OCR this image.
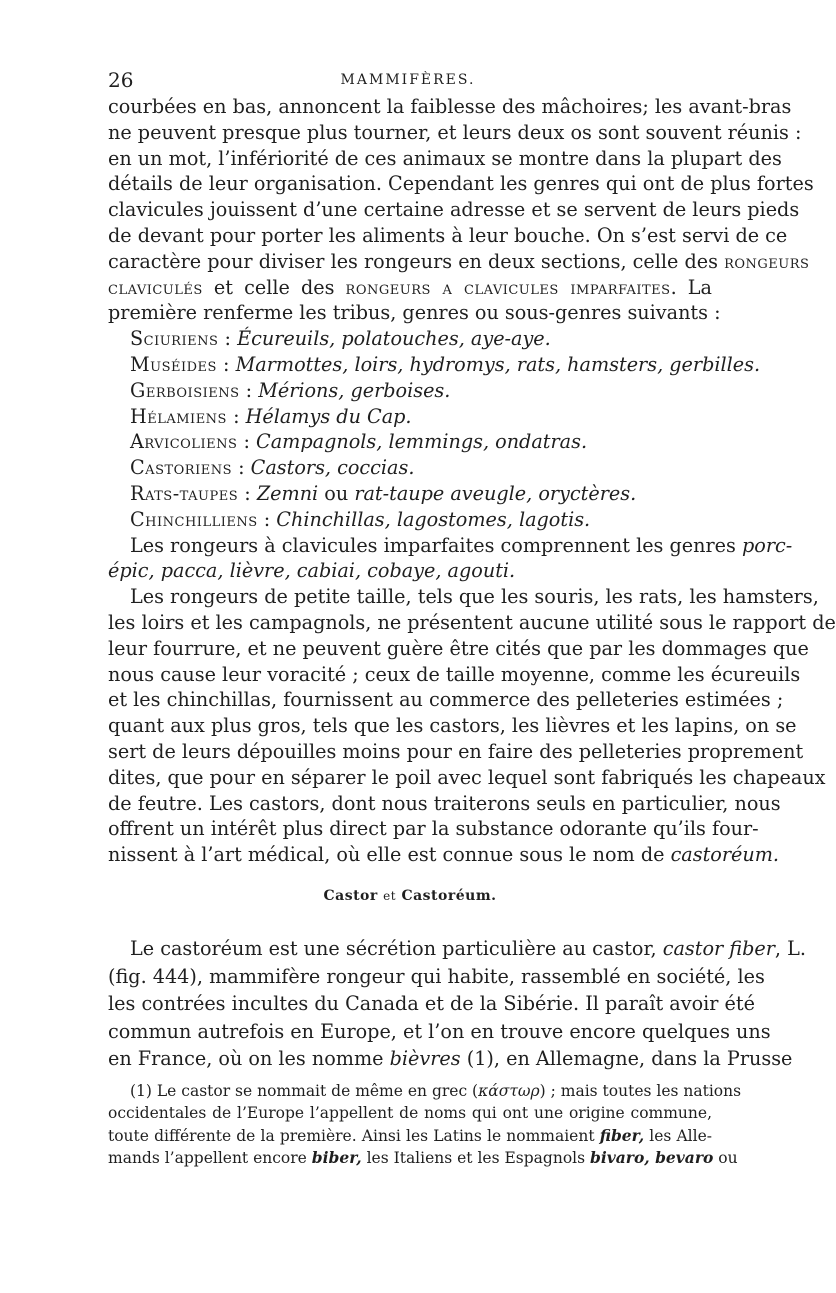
26	MAMMIFÈRES.
courbées en bas, annoncent la faiblesse des mâchoires; les avant-bras
ne peuvent presque plus tourner, et leurs deux os sont souvent réunis :
en un mot, l’infériorité de ces animaux se montre dans la plupart des
détails de leur organisation. Cependant les genres qui ont de plus fortes
clavicules jouissent d’une certaine adresse et se servent de leurs pieds
de devant pour porter les aliments à leur bouche. On s’est servi de ce
caractère pour diviser les rongeurs en deux sections, celle des rongeurs
claviculés et celle des rongeurs a clavicules imparfaites. La
première renferme les tribus, genres ou sous-genres suivants :
Sciuriens : Écureuils, polatouches, aye-aye.
Muséides : Marmottes, loirs, hydromys, rats, hamsters, gerbilles.
Gerboisiens : Mérions, gerboises.
Hélamiens : Hélamys du Cap.
Arvicoliens : Campagnols, lemmings, ondatras.
Castoriens : Castors, coccias.
Rats-taupes : Zemni ou rat-taupe aveugle, oryctères.
Chinchilliens : Chinchillas, lagostomes, lagotis.
Les rongeurs à clavicules imparfaites comprennent les genres porc-
épic, pacca, lièvre, cabiai, cobaye, agouti.
Les rongeurs de petite taille, tels que les souris, les rats, les hamsters,
les loirs et les campagnols, ne présentent aucune utilité sous le rapport de
leur fourrure, et ne peuvent guère être cités que par les dommages que
nous cause leur voracité ; ceux de taille moyenne, comme les écureuils
et les chinchillas, fournissent au commerce des pelleteries estimées ;
quant aux plus gros, tels que les castors, les lièvres et les lapins, on se
sert de leurs dépouilles moins pour en faire des pelleteries proprement
dites, que pour en séparer le poil avec lequel sont fabriqués les chapeaux
de feutre. Les castors, dont nous traiterons seuls en particulier, nous
offrent un intérêt plus direct par la substance odorante qu’ils four-
nissent à l’art médical, où elle est connue sous le nom de castoréum.
Castor et Castoréum.
Le castoréum est une sécrétion particulière au castor, castor fiber, L.
(fig. 444), mammifère rongeur qui habite, rassemblé en société, les
les contrées incultes du Canada et de la Sibérie. Il paraît avoir été
commun autrefois en Europe, et l’on en trouve encore quelques uns
en France, où on les nomme bièvres (1), en Allemagne, dans la Prusse
(1) Le castor se nommait de même en grec (κάστωρ) ; mais toutes les nations
occidentales de l’Europe l’appellent de noms qui ont une origine commune,
toute différente de la première. Ainsi les Latins le nommaient fiber, les Alle-
mands l’appellent encore biber, les Italiens et les Espagnols bivaro, bevaro ou
